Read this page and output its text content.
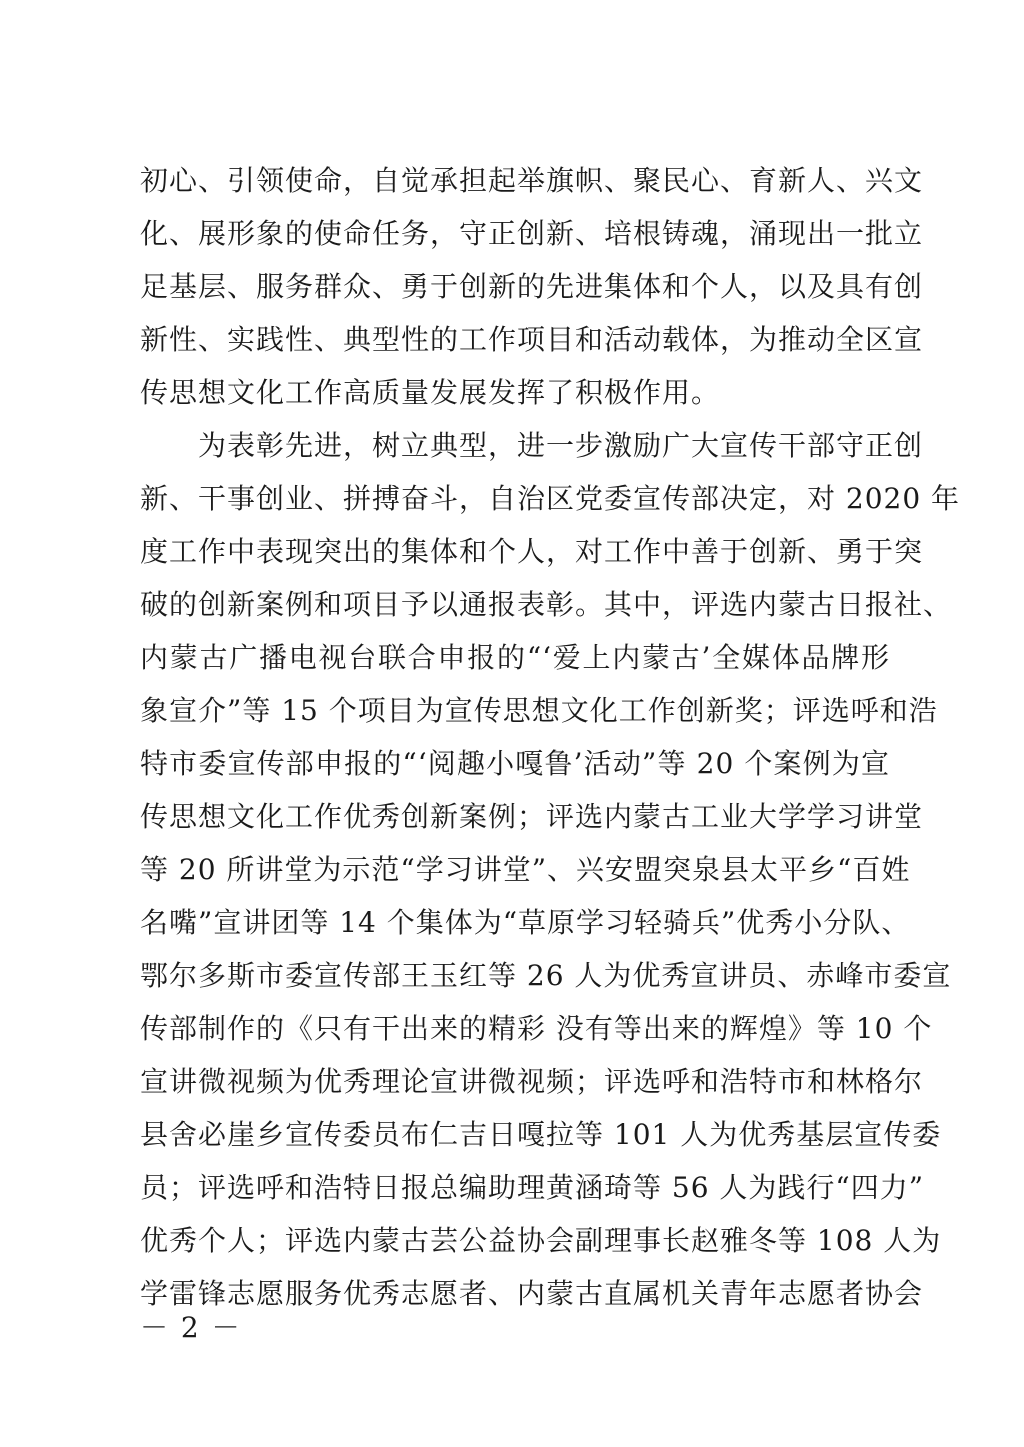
初心、引领使命，自觉承担起举旗帜、聚民心、育新人、兴文
化、展形象的使命任务，守正创新、培根铸魂，涌现出一批立
足基层、服务群众、勇于创新的先进集体和个人，以及具有创
新性、实践性、典型性的工作项目和活动载体，为推动全区宣
传思想文化工作高质量发展发挥了积极作用。
　　为表彰先进，树立典型，进一步激励广大宣传干部守正创
新、干事创业、拼搏奋斗，自治区党委宣传部决定，对 2020 年
度工作中表现突出的集体和个人，对工作中善于创新、勇于突
破的创新案例和项目予以通报表彰。其中，评选内蒙古日报社、
内蒙古广播电视台联合申报的“‘爱上内蒙古’全媒体品牌形
象宣介”等 15 个项目为宣传思想文化工作创新奖；评选呼和浩
特市委宣传部申报的“‘阅趣小嘎鲁’活动”等 20 个案例为宣
传思想文化工作优秀创新案例；评选内蒙古工业大学学习讲堂
等 20 所讲堂为示范“学习讲堂”、兴安盟突泉县太平乡“百姓
名嘴”宣讲团等 14 个集体为“草原学习轻骑兵”优秀小分队、
鄂尔多斯市委宣传部王玉红等 26 人为优秀宣讲员、赤峰市委宣
传部制作的《只有干出来的精彩 没有等出来的辉煌》等 10 个
宣讲微视频为优秀理论宣讲微视频；评选呼和浩特市和林格尔
县舍必崖乡宣传委员布仁吉日嘎拉等 101 人为优秀基层宣传委
员；评选呼和浩特日报总编助理黄涵琦等 56 人为践行“四力”
优秀个人；评选内蒙古芸公益协会副理事长赵雅冬等 108 人为
学雷锋志愿服务优秀志愿者、内蒙古直属机关青年志愿者协会
－ 2 －
